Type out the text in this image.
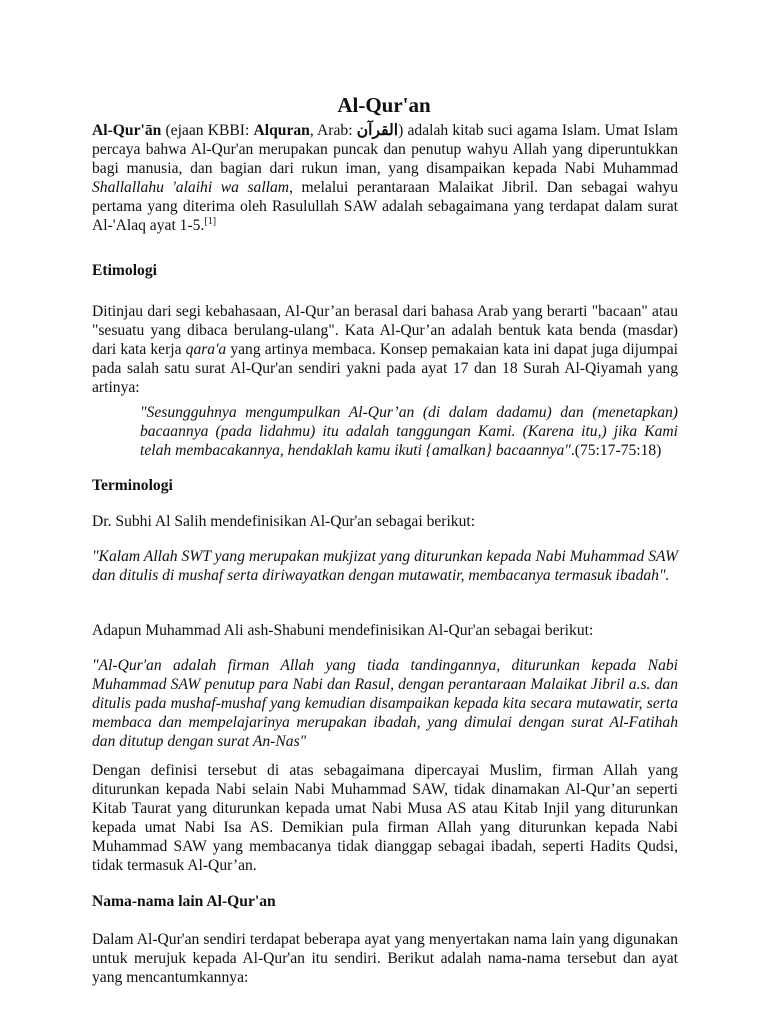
Al-Qur'an
Al-Qur'ān (ejaan KBBI: Alquran, Arab: القرآن) adalah kitab suci agama Islam. Umat Islam percaya bahwa Al-Qur'an merupakan puncak dan penutup wahyu Allah yang diperuntukkan bagi manusia, dan bagian dari rukun iman, yang disampaikan kepada Nabi Muhammad Shallallahu 'alaihi wa sallam, melalui perantaraan Malaikat Jibril. Dan sebagai wahyu pertama yang diterima oleh Rasulullah SAW adalah sebagaimana yang terdapat dalam surat Al-'Alaq ayat 1-5.[1]
Etimologi
Ditinjau dari segi kebahasaan, Al-Qur’an berasal dari bahasa Arab yang berarti "bacaan" atau "sesuatu yang dibaca berulang-ulang". Kata Al-Qur’an adalah bentuk kata benda (masdar) dari kata kerja qara'a yang artinya membaca. Konsep pemakaian kata ini dapat juga dijumpai pada salah satu surat Al-Qur'an sendiri yakni pada ayat 17 dan 18 Surah Al-Qiyamah yang artinya:
"Sesungguhnya mengumpulkan Al-Qur’an (di dalam dadamu) dan (menetapkan) bacaannya (pada lidahmu) itu adalah tanggungan Kami. (Karena itu,) jika Kami telah membacakannya, hendaklah kamu ikuti {amalkan} bacaannya".(75:17-75:18)
Terminologi
Dr. Subhi Al Salih mendefinisikan Al-Qur'an sebagai berikut:
"Kalam Allah SWT yang merupakan mukjizat yang diturunkan kepada Nabi Muhammad SAW dan ditulis di mushaf serta diriwayatkan dengan mutawatir, membacanya termasuk ibadah".
Adapun Muhammad Ali ash-Shabuni mendefinisikan Al-Qur'an sebagai berikut:
"Al-Qur'an adalah firman Allah yang tiada tandingannya, diturunkan kepada Nabi Muhammad SAW penutup para Nabi dan Rasul, dengan perantaraan Malaikat Jibril a.s. dan ditulis pada mushaf-mushaf yang kemudian disampaikan kepada kita secara mutawatir, serta membaca dan mempelajarinya merupakan ibadah, yang dimulai dengan surat Al-Fatihah dan ditutup dengan surat An-Nas"
Dengan definisi tersebut di atas sebagaimana dipercayai Muslim, firman Allah yang diturunkan kepada Nabi selain Nabi Muhammad SAW, tidak dinamakan Al-Qur’an seperti Kitab Taurat yang diturunkan kepada umat Nabi Musa AS atau Kitab Injil yang diturunkan kepada umat Nabi Isa AS. Demikian pula firman Allah yang diturunkan kepada Nabi Muhammad SAW yang membacanya tidak dianggap sebagai ibadah, seperti Hadits Qudsi, tidak termasuk Al-Qur’an.
Nama-nama lain Al-Qur'an
Dalam Al-Qur'an sendiri terdapat beberapa ayat yang menyertakan nama lain yang digunakan untuk merujuk kepada Al-Qur'an itu sendiri. Berikut adalah nama-nama tersebut dan ayat yang mencantumkannya:
